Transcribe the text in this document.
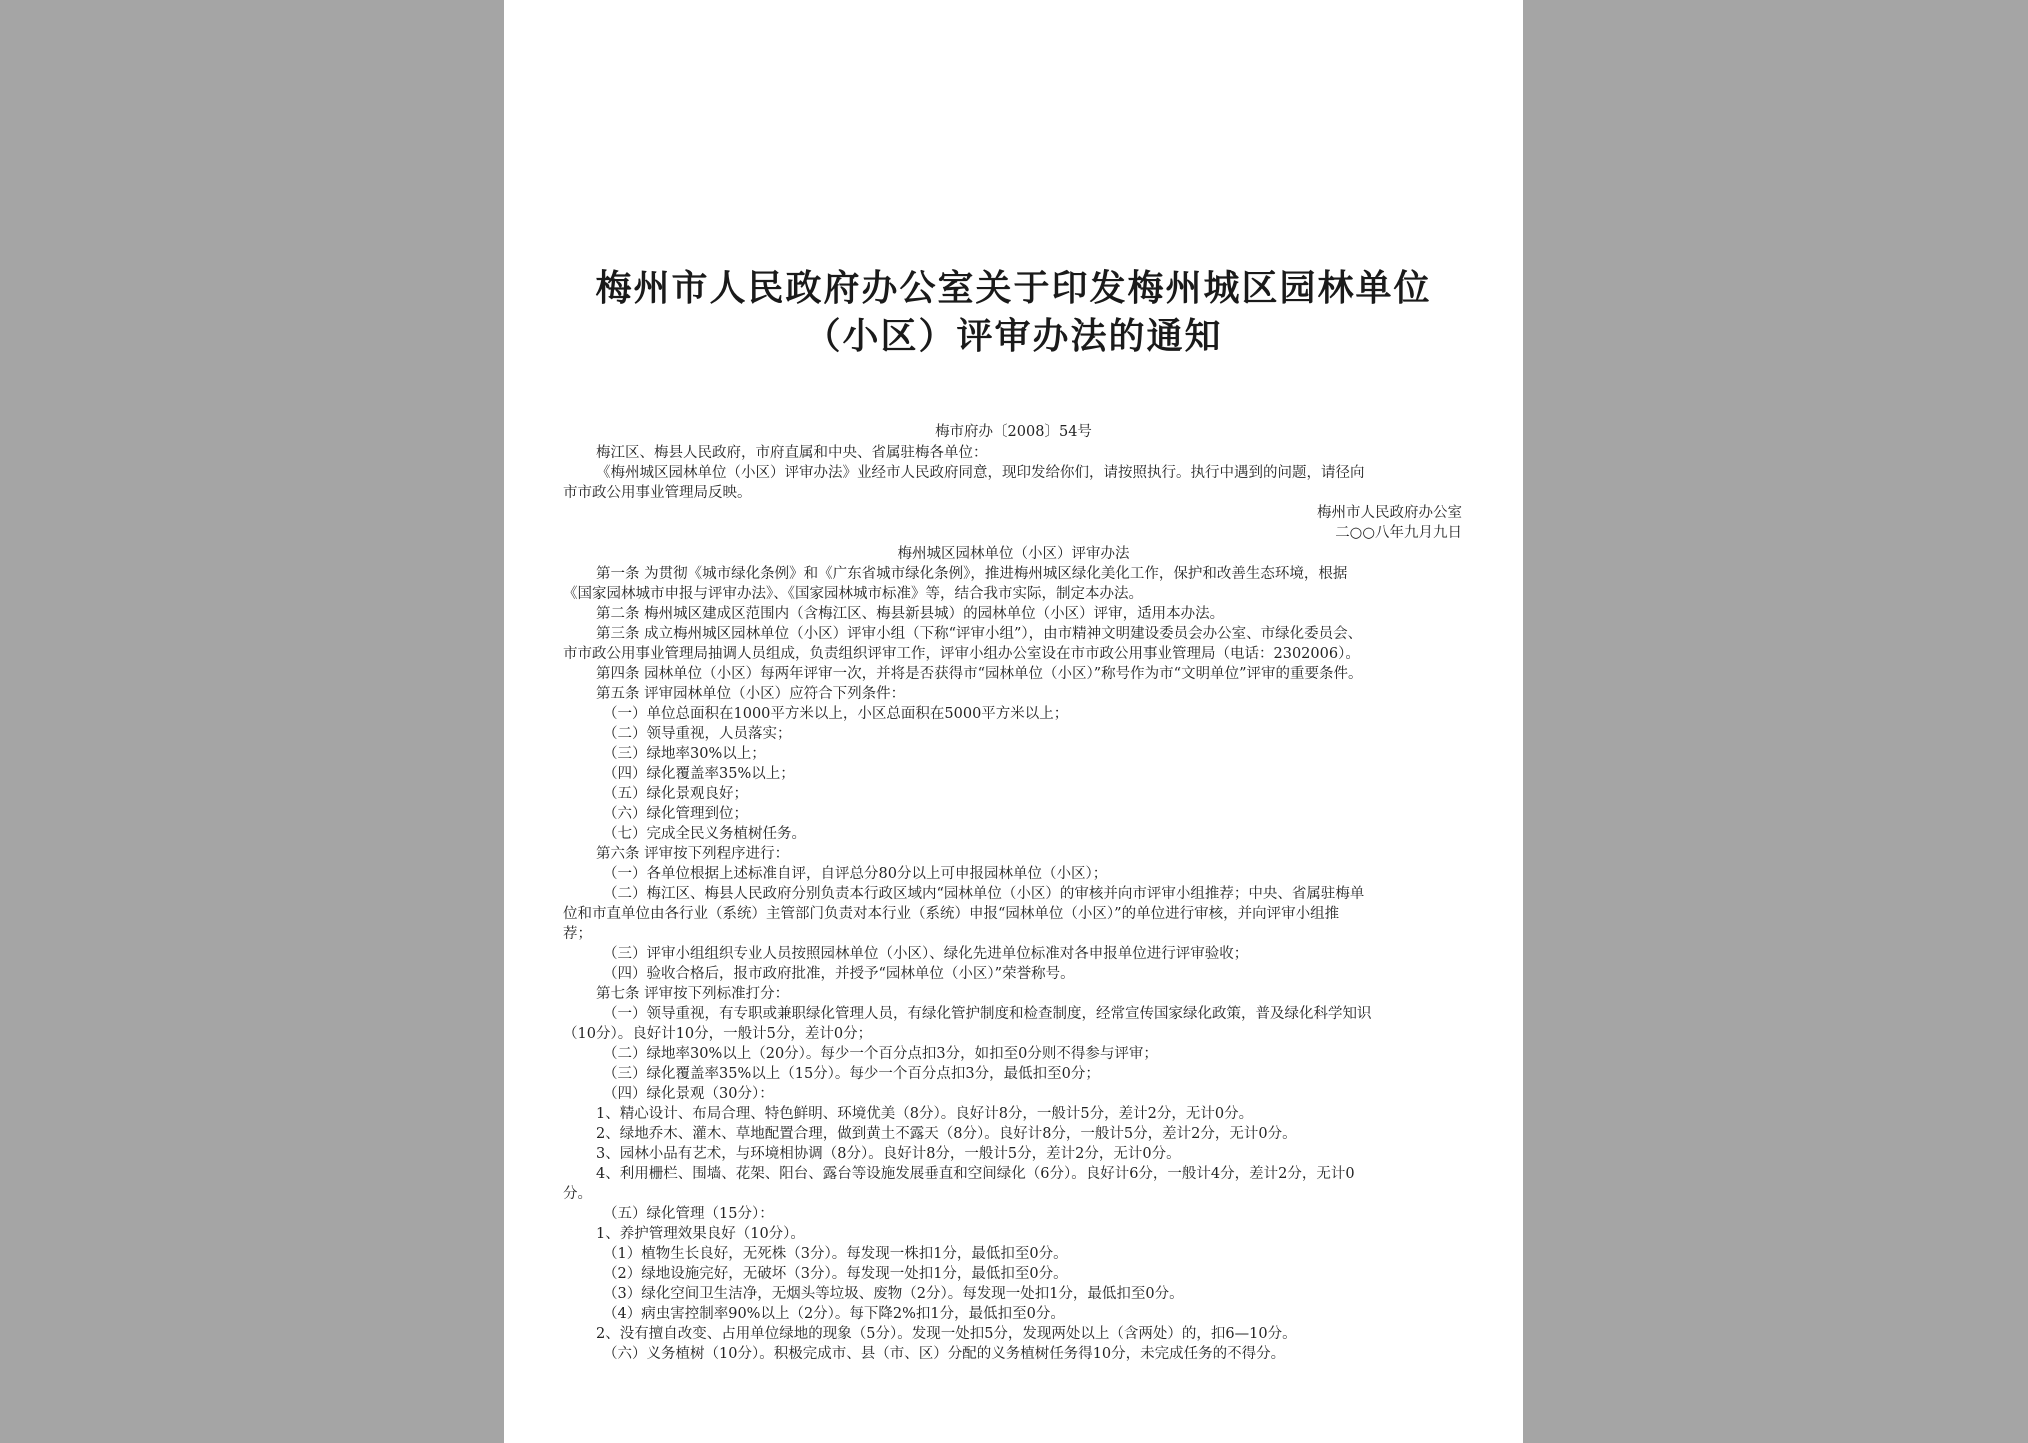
梅州市人民政府办公室关于印发梅州城区园林单位
（小区）评审办法的通知
梅市府办〔2008〕54号
梅江区、梅县人民政府，市府直属和中央、省属驻梅各单位：
《梅州城区园林单位（小区）评审办法》业经市人民政府同意，现印发给你们，请按照执行。执行中遇到的问题，请径向
市市政公用事业管理局反映。
梅州市人民政府办公室
二○○八年九月九日
梅州城区园林单位（小区）评审办法
第一条 为贯彻《城市绿化条例》和《广东省城市绿化条例》，推进梅州城区绿化美化工作，保护和改善生态环境，根据
《国家园林城市申报与评审办法》、《国家园林城市标准》等，结合我市实际，制定本办法。
第二条 梅州城区建成区范围内（含梅江区、梅县新县城）的园林单位（小区）评审，适用本办法。
第三条 成立梅州城区园林单位（小区）评审小组（下称“评审小组”），由市精神文明建设委员会办公室、市绿化委员会、
市市政公用事业管理局抽调人员组成，负责组织评审工作，评审小组办公室设在市市政公用事业管理局（电话：2302006）。
第四条 园林单位（小区）每两年评审一次，并将是否获得市“园林单位（小区）”称号作为市“文明单位”评审的重要条件。
第五条 评审园林单位（小区）应符合下列条件：
（一）单位总面积在1000平方米以上，小区总面积在5000平方米以上；
（二）领导重视，人员落实；
（三）绿地率30%以上；
（四）绿化覆盖率35%以上；
（五）绿化景观良好；
（六）绿化管理到位；
（七）完成全民义务植树任务。
第六条 评审按下列程序进行：
（一）各单位根据上述标准自评，自评总分80分以上可申报园林单位（小区）；
（二）梅江区、梅县人民政府分别负责本行政区域内“园林单位（小区）的审核并向市评审小组推荐；中央、省属驻梅单
位和市直单位由各行业（系统）主管部门负责对本行业（系统）申报“园林单位（小区）”的单位进行审核，并向评审小组推
荐；
（三）评审小组组织专业人员按照园林单位（小区）、绿化先进单位标准对各申报单位进行评审验收；
（四）验收合格后，报市政府批准，并授予“园林单位（小区）”荣誉称号。
第七条 评审按下列标准打分：
（一）领导重视，有专职或兼职绿化管理人员，有绿化管护制度和检查制度，经常宣传国家绿化政策，普及绿化科学知识
（10分）。良好计10分，一般计5分，差计0分；
（二）绿地率30%以上（20分）。每少一个百分点扣3分，如扣至0分则不得参与评审；
（三）绿化覆盖率35%以上（15分）。每少一个百分点扣3分，最低扣至0分；
（四）绿化景观（30分）：
1、精心设计、布局合理、特色鲜明、环境优美（8分）。良好计8分，一般计5分，差计2分，无计0分。
2、绿地乔木、灌木、草地配置合理，做到黄土不露天（8分）。良好计8分，一般计5分，差计2分，无计0分。
3、园林小品有艺术，与环境相协调（8分）。良好计8分，一般计5分，差计2分，无计0分。
4、利用栅栏、围墙、花架、阳台、露台等设施发展垂直和空间绿化（6分）。良好计6分，一般计4分，差计2分，无计0
分。
（五）绿化管理（15分）：
1、养护管理效果良好（10分）。
（1）植物生长良好，无死株（3分）。每发现一株扣1分，最低扣至0分。
（2）绿地设施完好，无破坏（3分）。每发现一处扣1分，最低扣至0分。
（3）绿化空间卫生洁净，无烟头等垃圾、废物（2分）。每发现一处扣1分，最低扣至0分。
（4）病虫害控制率90%以上（2分）。每下降2%扣1分，最低扣至0分。
2、没有擅自改变、占用单位绿地的现象（5分）。发现一处扣5分，发现两处以上（含两处）的，扣6—10分。
（六）义务植树（10分）。积极完成市、县（市、区）分配的义务植树任务得10分，未完成任务的不得分。
